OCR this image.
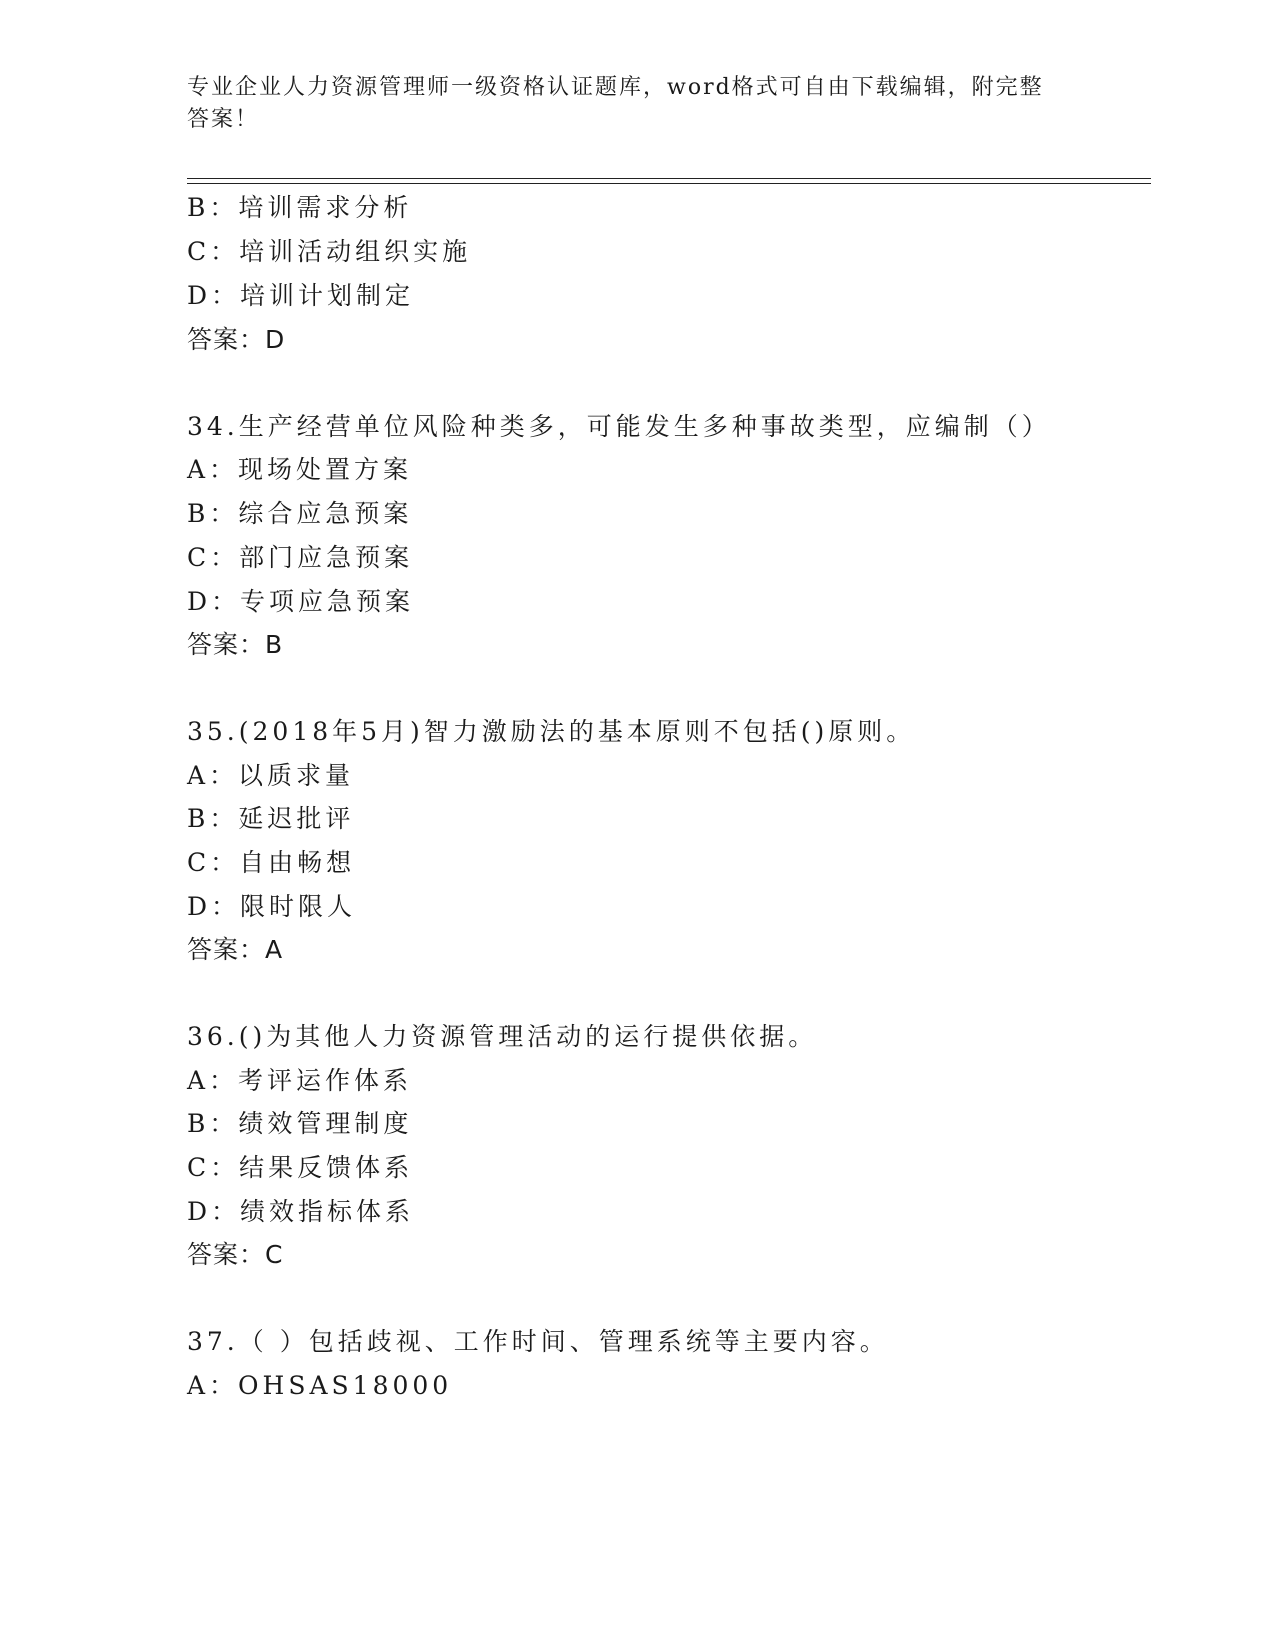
专业企业人力资源管理师一级资格认证题库，word格式可自由下载编辑，附完整
答案！
B：培训需求分析
C：培训活动组织实施
D：培训计划制定
答案：D
34.生产经营单位风险种类多，可能发生多种事故类型，应编制（）
A：现场处置方案
B：综合应急预案
C：部门应急预案
D：专项应急预案
答案：B
35.(2018年5月)智力激励法的基本原则不包括()原则。
A：以质求量
B：延迟批评
C：自由畅想
D：限时限人
答案：A
36.()为其他人力资源管理活动的运行提供依据。
A：考评运作体系
B：绩效管理制度
C：结果反馈体系
D：绩效指标体系
答案：C
37.（ ）包括歧视、工作时间、管理系统等主要内容。
A：OHSAS18000
